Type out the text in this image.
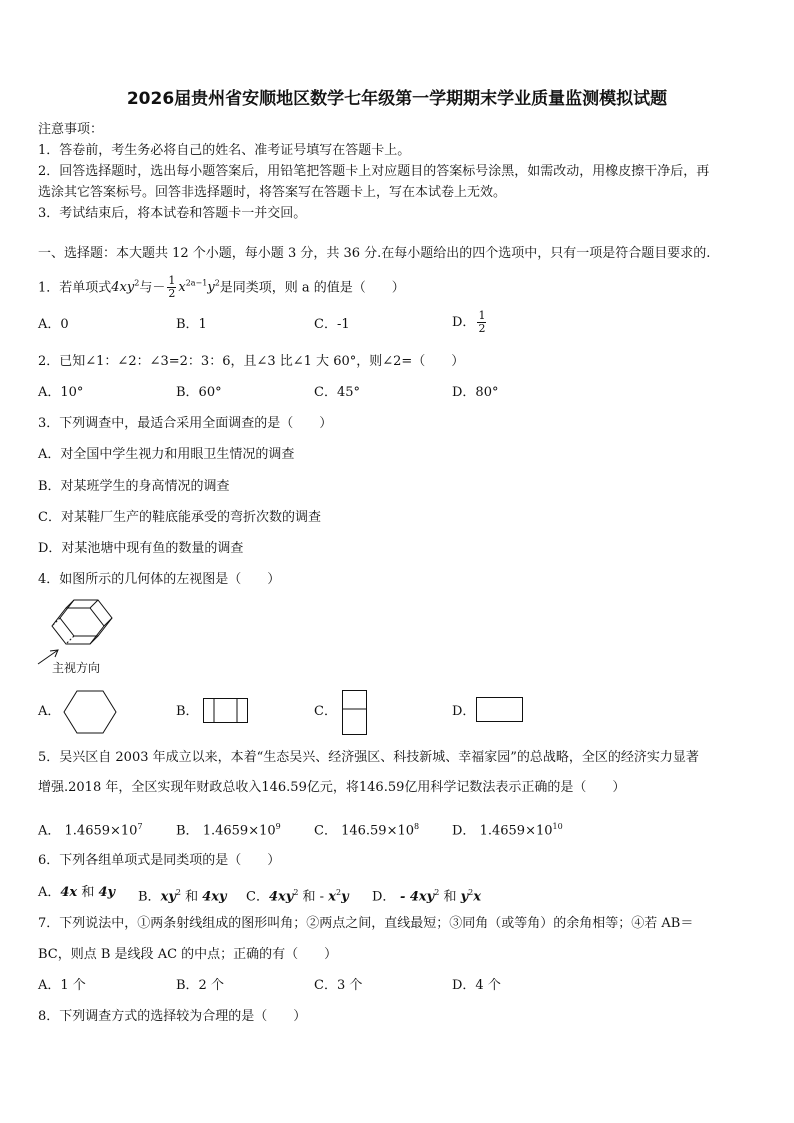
2026届贵州省安顺地区数学七年级第一学期期末学业质量监测模拟试题
注意事项：
1．答卷前，考生务必将自己的姓名、准考证号填写在答题卡上。
2．回答选择题时，选出每小题答案后，用铅笔把答题卡上对应题目的答案标号涂黑，如需改动，用橡皮擦干净后，再
选涂其它答案标号。回答非选择题时，将答案写在答题卡上，写在本试卷上无效。
3．考试结束后，将本试卷和答题卡一并交回。
一、选择题：本大题共 12 个小题，每小题 3 分，共 36 分.在每小题给出的四个选项中，只有一项是符合题目要求的.
1．若单项式$4xy^2$与－ $\frac{1}{2} x^{2a-1}y^2$是同类项，则 a 的值是（　　）
A．0	B．1	C．-1	D． $\frac{1}{2}$
2．已知∠1：∠2：∠3=2：3：6，且∠3 比∠1 大 60°，则∠2=（　　）
A．10°	B．60°	C．45°	D．80°
3．下列调查中，最适合采用全面调查的是（　　）
A．对全国中学生视力和用眼卫生情况的调查
B．对某班学生的身高情况的调查
C．对某鞋厂生产的鞋底能承受的弯折次数的调查
D．对某池塘中现有鱼的数量的调查
4．如图所示的几何体的左视图是（　　）
主视方向
A．	B．	C．	D．
5．吴兴区自 2003 年成立以来，本着“生态吴兴、经济强区、科技新城、幸福家园”的总战略，全区的经济实力显著
增强.2018 年，全区实现年财政总收入146.59亿元，将146.59亿用科学记数法表示正确的是（　　）
A． $1.4659\times 10^7$	B． $1.4659\times 10^9$	C． $146.59\times 10^8$	D． $1.4659\times 10^{10}$
6．下列各组单项式是同类项的是（　　）
A．4x 和 4y B．$xy^2$ 和 4xy C．$4xy^2$ 和 - $x^2y$ D． - $4xy^2$ 和 $y^2x$
7．下列说法中，①两条射线组成的图形叫角；②两点之间，直线最短；③同角（或等角）的余角相等；④若 AB＝
BC，则点 B 是线段 AC 的中点；正确的有（　　）
A．1 个	B．2 个	C．3 个	D．4 个
8．下列调查方式的选择较为合理的是（　　）
